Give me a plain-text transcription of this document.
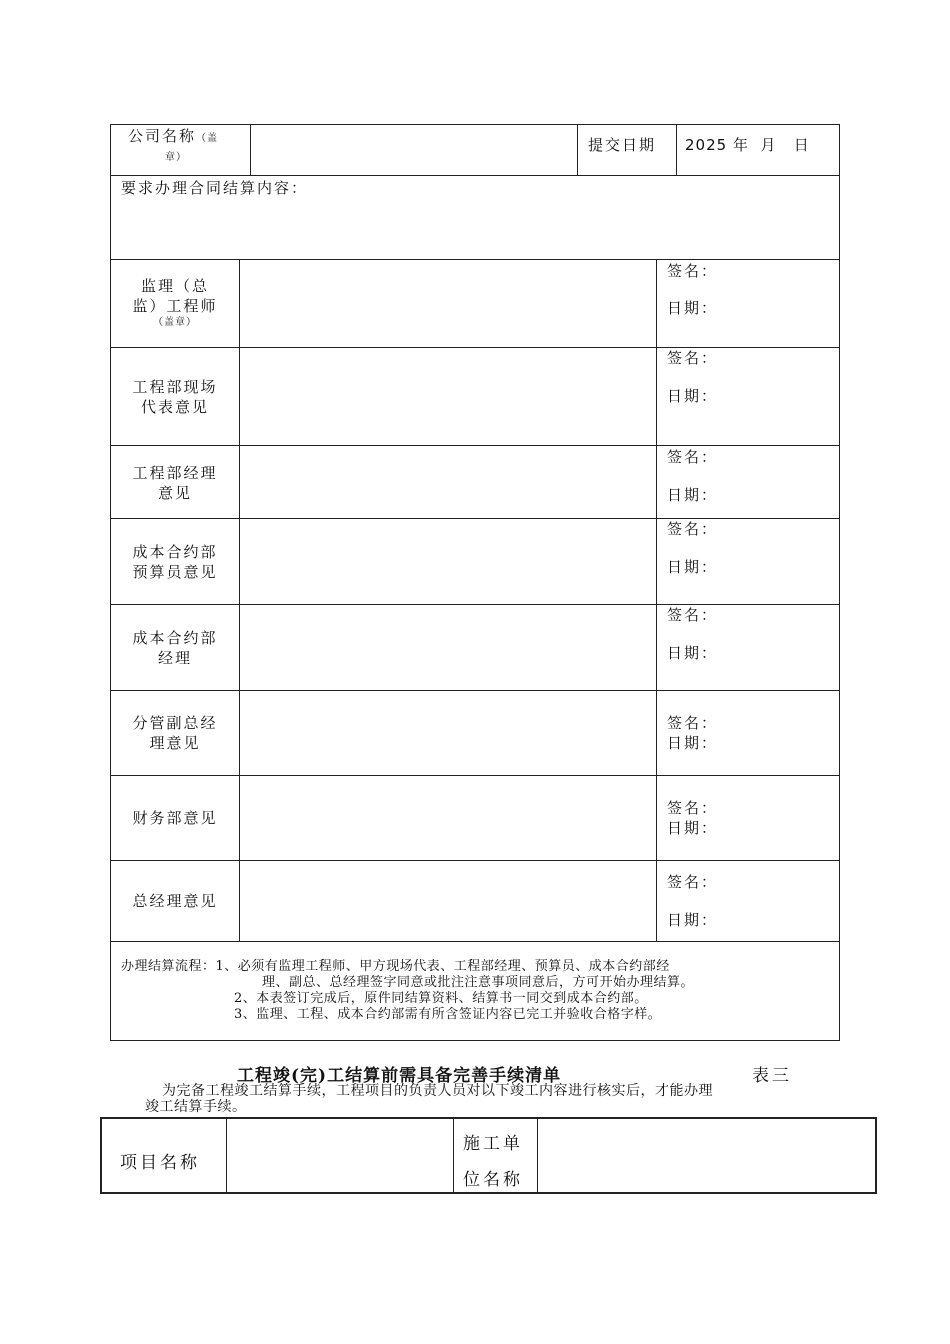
公司名称（盖
章）
提交日期 2025 年  月   日
要求办理合同结算内容：
监理（总
监）工程师
（盖章）
签名：
日期：
工程部现场
代表意见
签名：
日期：
工程部经理
意见
签名：
日期：
成本合约部
预算员意见
签名：
日期：
成本合约部
经理
签名：
日期：
分管副总经
理意见
签名：
日期：
财务部意见
签名：
日期：
总经理意见
签名：
日期：
办理结算流程：1、必须有监理工程师、甲方现场代表、工程部经理、预算员、成本合约部经
理、副总、总经理签字同意或批注注意事项同意后，方可开始办理结算。
2、本表签订完成后，原件同结算资料、结算书一同交到成本合约部。
3、监理、工程、成本合约部需有所含签证内容已完工并验收合格字样。
工程竣(完)工结算前需具备完善手续清单	表三
为完备工程竣工结算手续，工程项目的负责人员对以下竣工内容进行核实后，才能办理
竣工结算手续。
项目名称
施工单
位名称
